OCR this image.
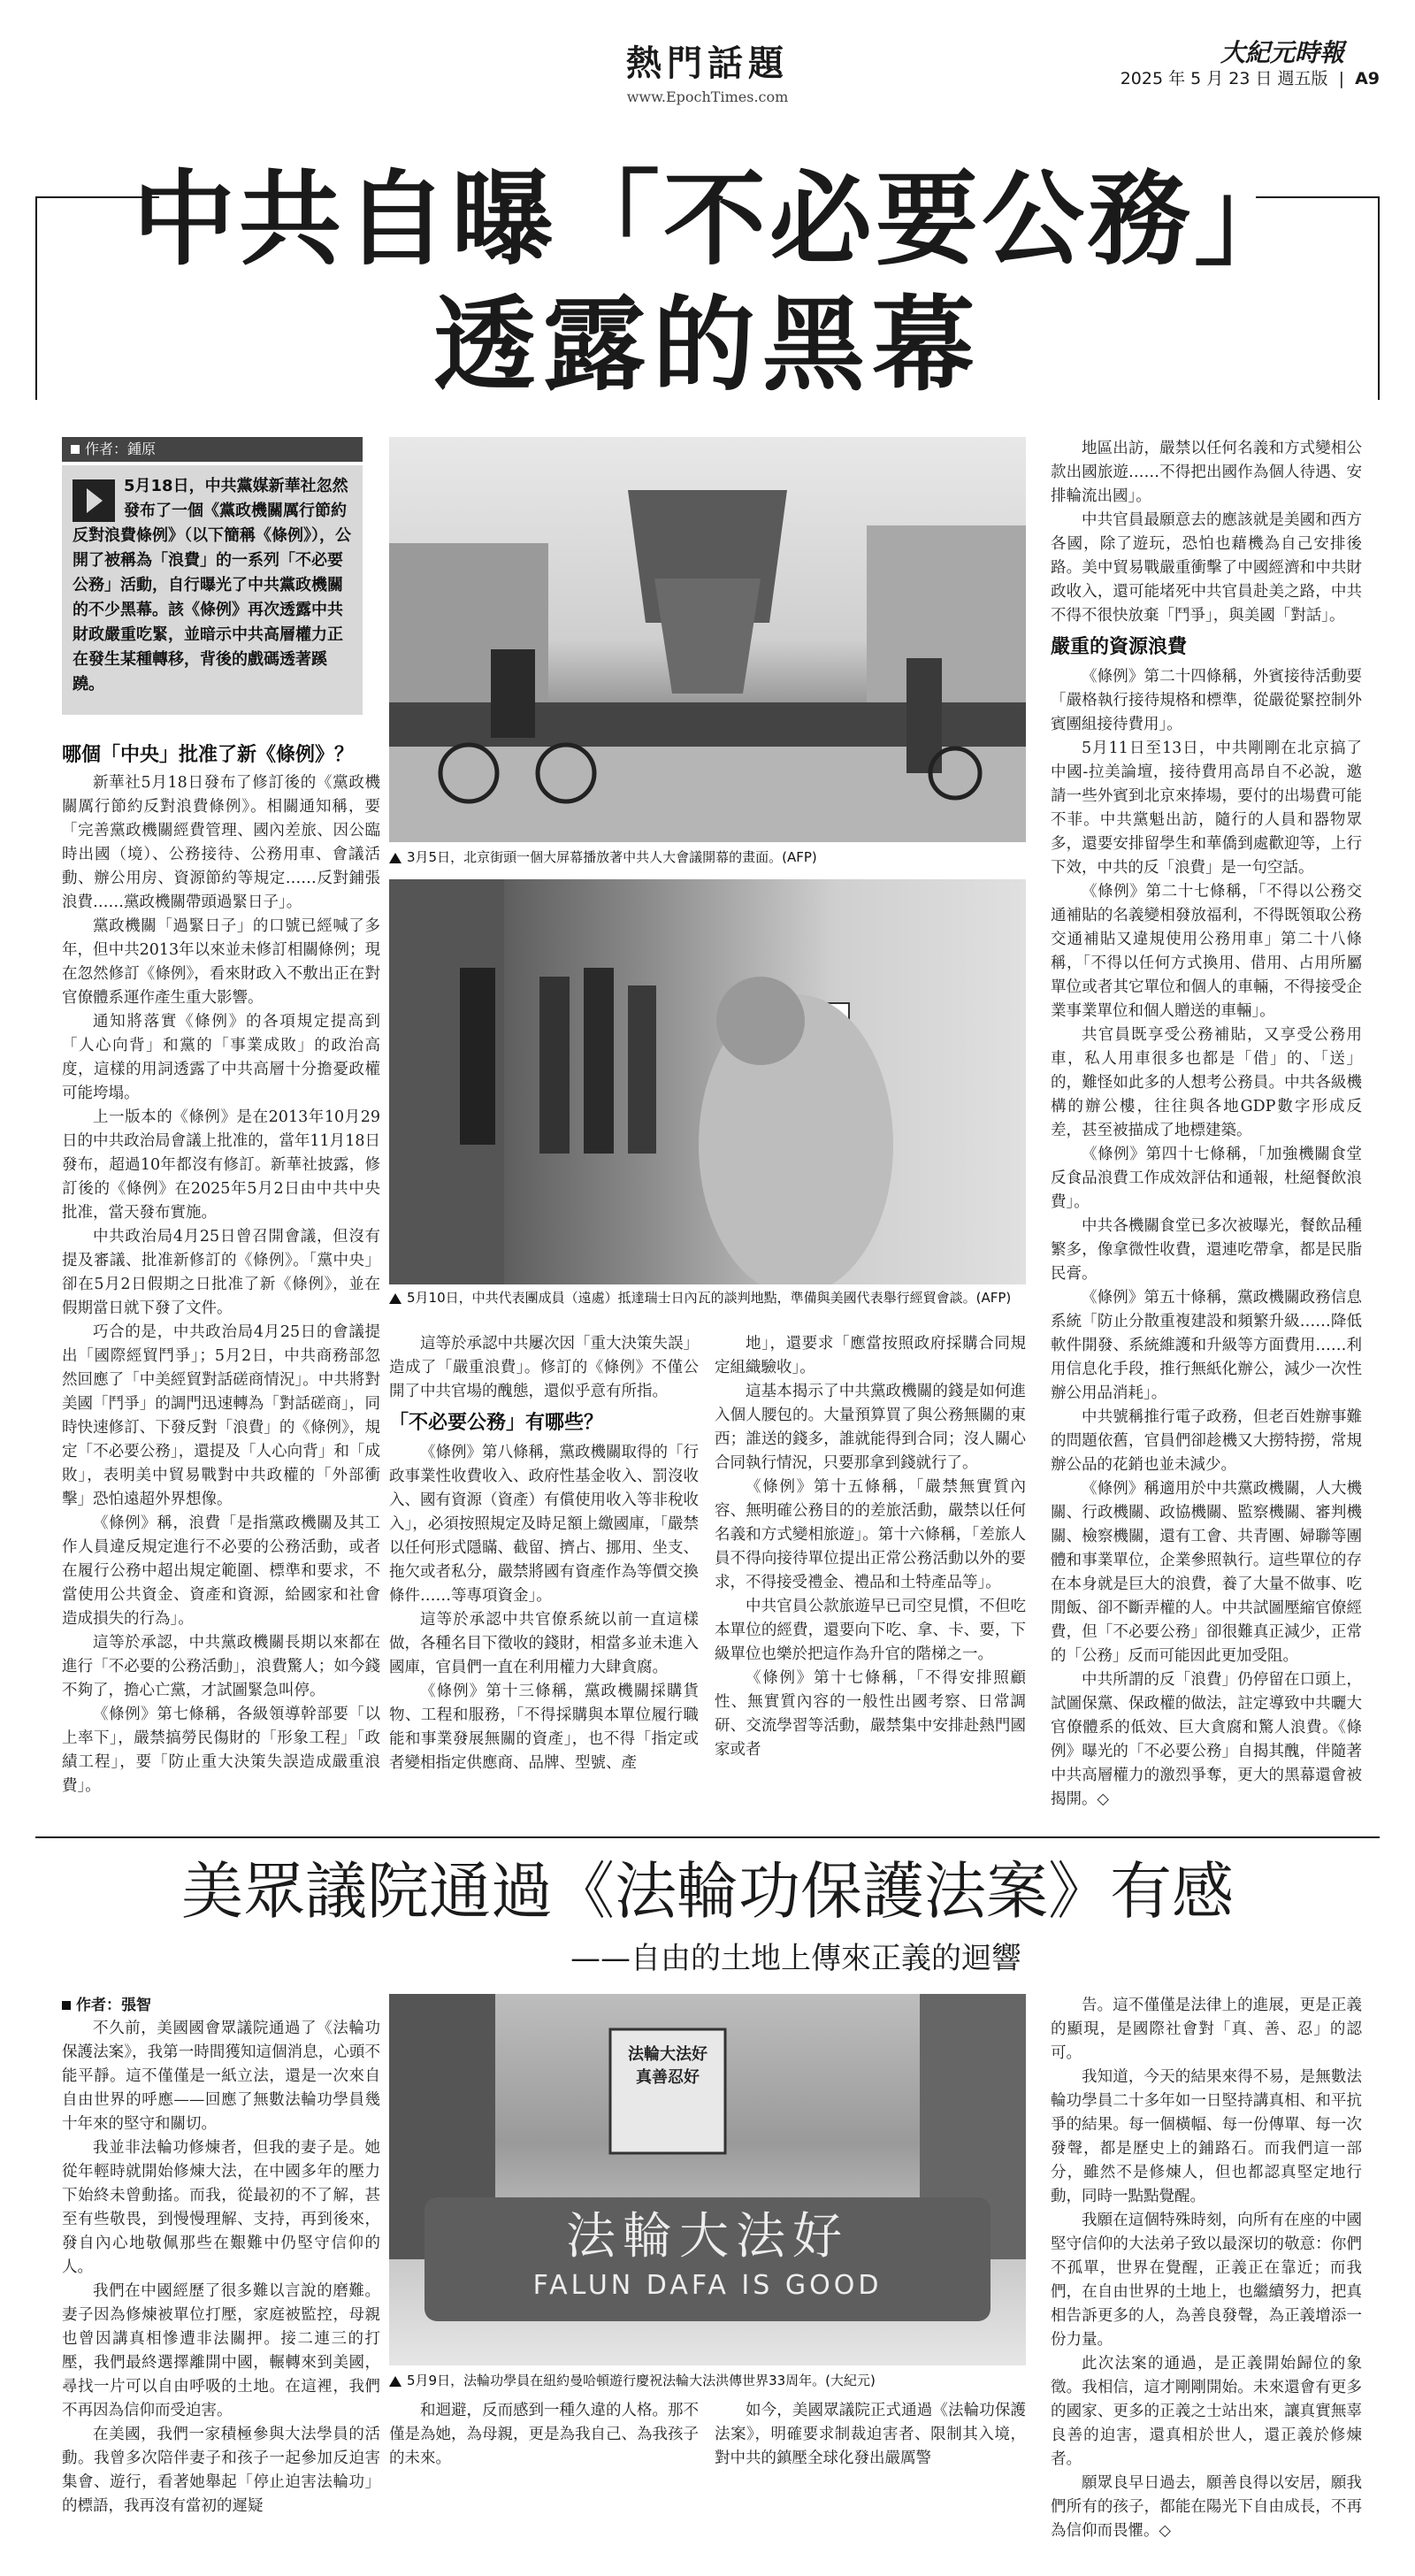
熱門話題
www.EpochTimes.com
大紀元時報
2025 年 5 月 23 日 週五版 | A9
中共自曝「不必要公務」
透露的黑幕
作者：鍾原
5月18日，中共黨媒新華社忽然發布了一個《黨政機關厲行節約反對浪費條例》（以下簡稱《條例》），公開了被稱為「浪費」的一系列「不必要公務」活動，自行曝光了中共黨政機關的不少黑幕。該《條例》再次透露中共財政嚴重吃緊，並暗示中共高層權力正在發生某種轉移，背後的戲碼透著蹊蹺。
哪個「中央」批准了新《條例》？

新華社5月18日發布了修訂後的《黨政機關厲行節約反對浪費條例》。相關通知稱，要「完善黨政機關經費管理、國內差旅、因公臨時出國（境）、公務接待、公務用車、會議活動、辦公用房、資源節約等規定……反對鋪張浪費……黨政機關帶頭過緊日子」。

黨政機關「過緊日子」的口號已經喊了多年，但中共2013年以來並未修訂相關條例；現在忽然修訂《條例》，看來財政入不敷出正在對官僚體系運作產生重大影響。

通知將落實《條例》的各項規定提高到「人心向背」和黨的「事業成敗」的政治高度，這樣的用詞透露了中共高層十分擔憂政權可能垮塌。

上一版本的《條例》是在2013年10月29日的中共政治局會議上批准的，當年11月18日發布，超過10年都沒有修訂。新華社披露，修訂後的《條例》在2025年5月2日由中共中央批准，當天發布實施。

中共政治局4月25日曾召開會議，但沒有提及審議、批准新修訂的《條例》。「黨中央」卻在5月2日假期之日批准了新《條例》，並在假期當日就下發了文件。

巧合的是，中共政治局4月25日的會議提出「國際經貿鬥爭」；5月2日，中共商務部忽然回應了「中美經貿對話磋商情況」。中共將對美國「鬥爭」的調門迅速轉為「對話磋商」，同時快速修訂、下發反對「浪費」的《條例》，規定「不必要公務」，還提及「人心向背」和「成敗」，表明美中貿易戰對中共政權的「外部衝擊」恐怕遠超外界想像。

《條例》稱，浪費「是指黨政機關及其工作人員違反規定進行不必要的公務活動，或者在履行公務中超出規定範圍、標準和要求，不當使用公共資金、資產和資源，給國家和社會造成損失的行為」。

這等於承認，中共黨政機關長期以來都在進行「不必要的公務活動」，浪費驚人；如今錢不夠了，擔心亡黨，才試圖緊急叫停。

《條例》第七條稱，各級領導幹部要「以上率下」，嚴禁搞勞民傷財的「形象工程」「政績工程」，要「防止重大決策失誤造成嚴重浪費」。

3月5日，北京街頭一個大屏幕播放著中共人大會議開幕的畫面。(AFP)
5月10日，中共代表團成員（遠處）抵達瑞士日內瓦的談判地點，準備與美國代表舉行經貿會談。(AFP)

這等於承認中共屢次因「重大決策失誤」造成了「嚴重浪費」。修訂的《條例》不僅公開了中共官場的醜態，還似乎意有所指。

「不必要公務」有哪些？

《條例》第八條稱，黨政機關取得的「行政事業性收費收入、政府性基金收入、罰沒收入、國有資源（資產）有償使用收入等非稅收入」，必須按照規定及時足額上繳國庫，「嚴禁以任何形式隱瞞、截留、擠占、挪用、坐支、拖欠或者私分，嚴禁將國有資產作為等價交換條件……等專項資金」。

這等於承認中共官僚系統以前一直這樣做，各種名目下徵收的錢財，相當多並未進入國庫，官員們一直在利用權力大肆貪腐。

《條例》第十三條稱，黨政機關採購貨物、工程和服務，「不得採購與本單位履行職能和事業發展無關的資產」，也不得「指定或者變相指定供應商、品牌、型號、產

地」，還要求「應當按照政府採購合同規定組織驗收」。

這基本揭示了中共黨政機關的錢是如何進入個人腰包的。大量預算買了與公務無關的東西；誰送的錢多，誰就能得到合同；沒人關心合同執行情況，只要那拿到錢就行了。

《條例》第十五條稱，「嚴禁無實質內容、無明確公務目的的差旅活動，嚴禁以任何名義和方式變相旅遊」。第十六條稱，「差旅人員不得向接待單位提出正常公務活動以外的要求，不得接受禮金、禮品和土特產品等」。

中共官員公款旅遊早已司空見慣，不但吃本單位的經費，還要向下吃、拿、卡、要，下級單位也樂於把這作為升官的階梯之一。

《條例》第十七條稱，「不得安排照顧性、無實質內容的一般性出國考察、日常調研、交流學習等活動，嚴禁集中安排赴熱門國家或者

地區出訪，嚴禁以任何名義和方式變相公款出國旅遊……不得把出國作為個人待遇、安排輪流出國」。

中共官員最願意去的應該就是美國和西方各國，除了遊玩，恐怕也藉機為自己安排後路。美中貿易戰嚴重衝擊了中國經濟和中共財政收入，還可能堵死中共官員赴美之路，中共不得不很快放棄「鬥爭」，與美國「對話」。

嚴重的資源浪費

《條例》第二十四條稱，外賓接待活動要「嚴格執行接待規格和標準，從嚴從緊控制外賓團組接待費用」。

5月11日至13日，中共剛剛在北京搞了中國-拉美論壇，接待費用高昂自不必說，邀請一些外賓到北京來捧場，要付的出場費可能不菲。中共黨魁出訪，隨行的人員和器物眾多，還要安排留學生和華僑到處歡迎等，上行下效，中共的反「浪費」是一句空話。

《條例》第二十七條稱，「不得以公務交通補貼的名義變相發放福利，不得既領取公務交通補貼又違規使用公務用車」第二十八條稱，「不得以任何方式換用、借用、占用所屬單位或者其它單位和個人的車輛，不得接受企業事業單位和個人贈送的車輛」。

共官員既享受公務補貼，又享受公務用車，私人用車很多也都是「借」的、「送」的，難怪如此多的人想考公務員。中共各級機構的辦公樓，往往與各地GDP數字形成反差，甚至被描成了地標建築。

《條例》第四十七條稱，「加強機關食堂反食品浪費工作成效評估和通報，杜絕餐飲浪費」。

中共各機關食堂已多次被曝光，餐飲品種繁多，像拿微性收費，還連吃帶拿，都是民脂民膏。

《條例》第五十條稱，黨政機關政務信息系統「防止分散重複建設和頻繁升級……降低軟件開發、系統維護和升級等方面費用……利用信息化手段，推行無紙化辦公，減少一次性辦公用品消耗」。

中共號稱推行電子政務，但老百姓辦事難的問題依舊，官員們卻趁機又大撈特撈，常規辦公品的花銷也並未減少。

《條例》稱適用於中共黨政機關，人大機關、行政機關、政協機關、監察機關、審判機關、檢察機關，還有工會、共青團、婦聯等團體和事業單位，企業參照執行。這些單位的存在本身就是巨大的浪費，養了大量不做事、吃閒飯、卻不斷弄權的人。中共試圖壓縮官僚經費，但「不必要公務」卻很難真正減少，正常的「公務」反而可能因此更加受阻。

中共所謂的反「浪費」仍停留在口頭上，試圖保黨、保政權的做法，註定導致中共曬大官僚體系的低效、巨大貪腐和驚人浪費。《條例》曝光的「不必要公務」自揭其醜，伴隨著中共高層權力的激烈爭奪，更大的黑幕還會被揭開。◇

美眾議院通過《法輪功保護法案》有感
——自由的土地上傳來正義的迴響
作者：張智

不久前，美國國會眾議院通過了《法輪功保護法案》，我第一時間獲知這個消息，心頭不能平靜。這不僅僅是一紙立法，還是一次來自自由世界的呼應——回應了無數法輪功學員幾十年來的堅守和關切。

我並非法輪功修煉者，但我的妻子是。她從年輕時就開始修煉大法，在中國多年的壓力下始終未曾動搖。而我，從最初的不了解，甚至有些敬畏，到慢慢理解、支持，再到後來，發自內心地敬佩那些在艱難中仍堅守信仰的人。

我們在中國經歷了很多難以言說的磨難。妻子因為修煉被單位打壓，家庭被監控，母親也曾因講真相慘遭非法關押。接二連三的打壓，我們最終選擇離開中國，輾轉來到美國，尋找一片可以自由呼吸的土地。在這裡，我們不再因為信仰而受迫害。

在美國，我們一家積極參與大法學員的活動。我曾多次陪伴妻子和孩子一起參加反迫害集會、遊行，看著她舉起「停止迫害法輪功」的標語，我再沒有當初的遲疑

法輪大法好 真善忍好
法輪大法好
FALUN DAFA IS GOOD
5月9日，法輪功學員在紐約曼哈頓遊行慶祝法輪大法洪傳世界33周年。(大紀元)

和迴避，反而感到一種久違的人格。那不僅是為她，為母親，更是為我自己、為我孩子的未來。

如今，美國眾議院正式通過《法輪功保護法案》，明確要求制裁迫害者、限制其入境，對中共的鎮壓全球化發出嚴厲警

告。這不僅僅是法律上的進展，更是正義的顯現，是國際社會對「真、善、忍」的認可。

我知道，今天的結果來得不易，是無數法輪功學員二十多年如一日堅持講真相、和平抗爭的結果。每一個橫幅、每一份傳單、每一次發聲，都是歷史上的鋪路石。而我們這一部分，雖然不是修煉人，但也都認真堅定地行動，同時一點點覺醒。

我願在這個特殊時刻，向所有在座的中國堅守信仰的大法弟子致以最深切的敬意：你們不孤單，世界在覺醒，正義正在靠近；而我們，在自由世界的土地上，也繼續努力，把真相告訴更多的人，為善良發聲，為正義增添一份力量。

此次法案的通過，是正義開始歸位的象徵。我相信，這才剛剛開始。未來還會有更多的國家、更多的正義之士站出來，讓真實無辜良善的迫害，還真相於世人，還正義於修煉者。

願眾良早日過去，願善良得以安居，願我們所有的孩子，都能在陽光下自由成長，不再為信仰而畏懼。◇
